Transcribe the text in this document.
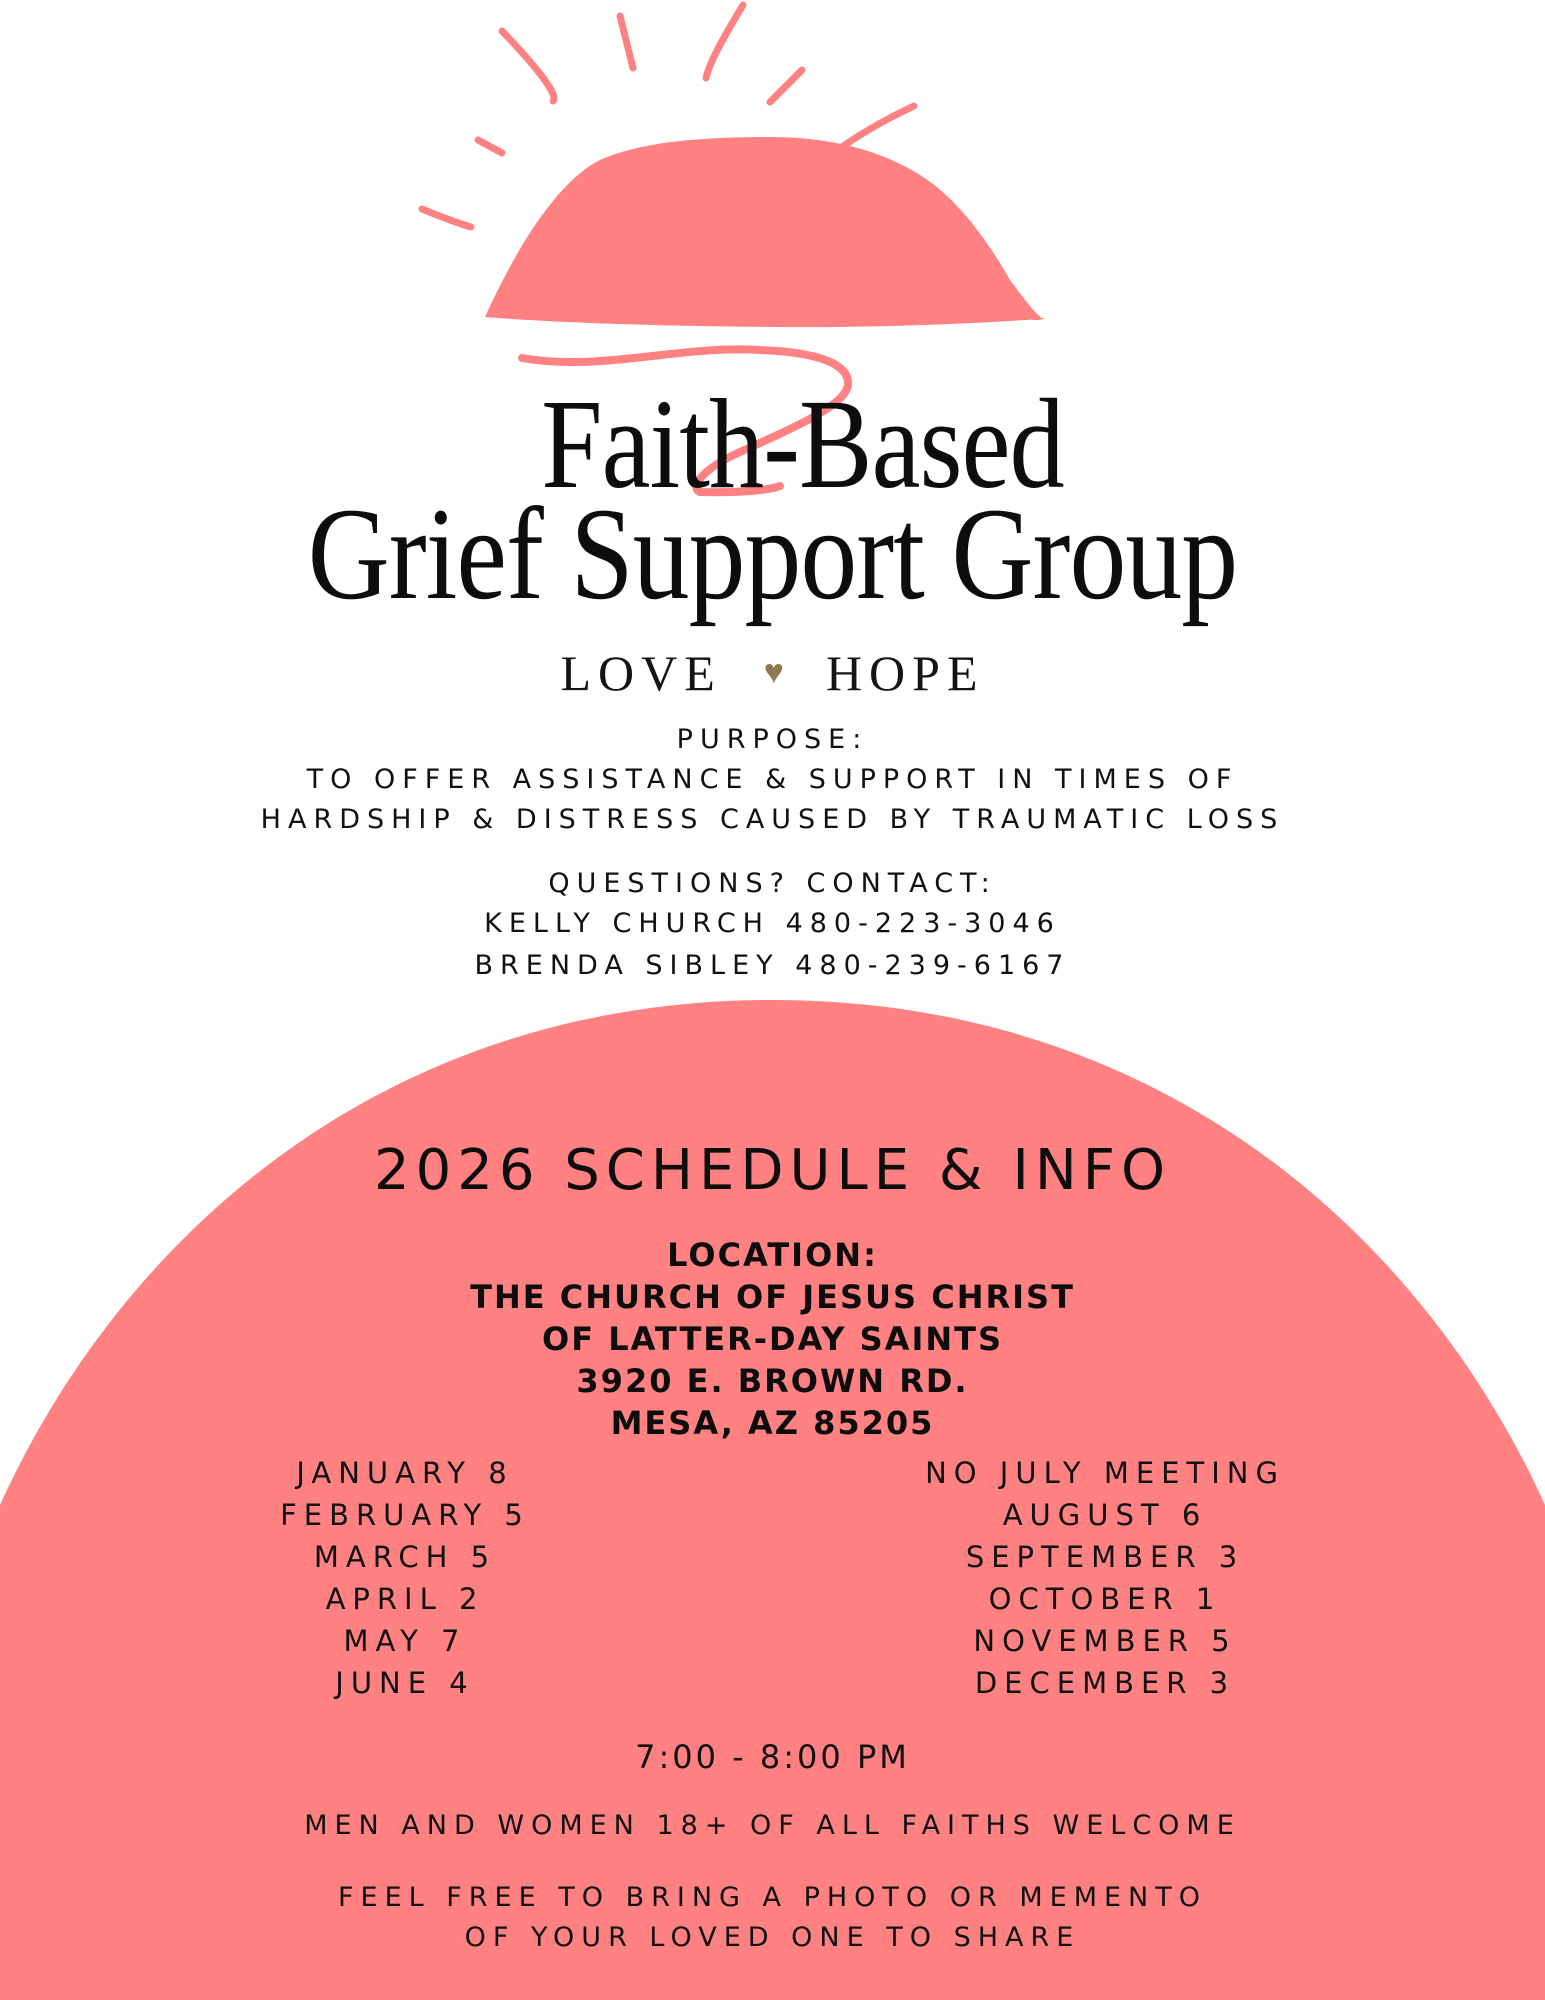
Faith-Based
Grief Support Group
LOVE ♥ HOPE
PURPOSE:
TO OFFER ASSISTANCE & SUPPORT IN TIMES OF
HARDSHIP & DISTRESS CAUSED BY TRAUMATIC LOSS
QUESTIONS? CONTACT:
KELLY CHURCH 480-223-3046
BRENDA SIBLEY 480-239-6167
2026 SCHEDULE & INFO
LOCATION:
THE CHURCH OF JESUS CHRIST
OF LATTER-DAY SAINTS
3920 E. BROWN RD.
MESA, AZ 85205
JANUARY 8
FEBRUARY 5
MARCH 5
APRIL 2
MAY 7
JUNE 4
NO JULY MEETING
AUGUST 6
SEPTEMBER 3
OCTOBER 1
NOVEMBER 5
DECEMBER 3
7:00 - 8:00 PM
MEN AND WOMEN 18+ OF ALL FAITHS WELCOME
FEEL FREE TO BRING A PHOTO OR MEMENTO
OF YOUR LOVED ONE TO SHARE
